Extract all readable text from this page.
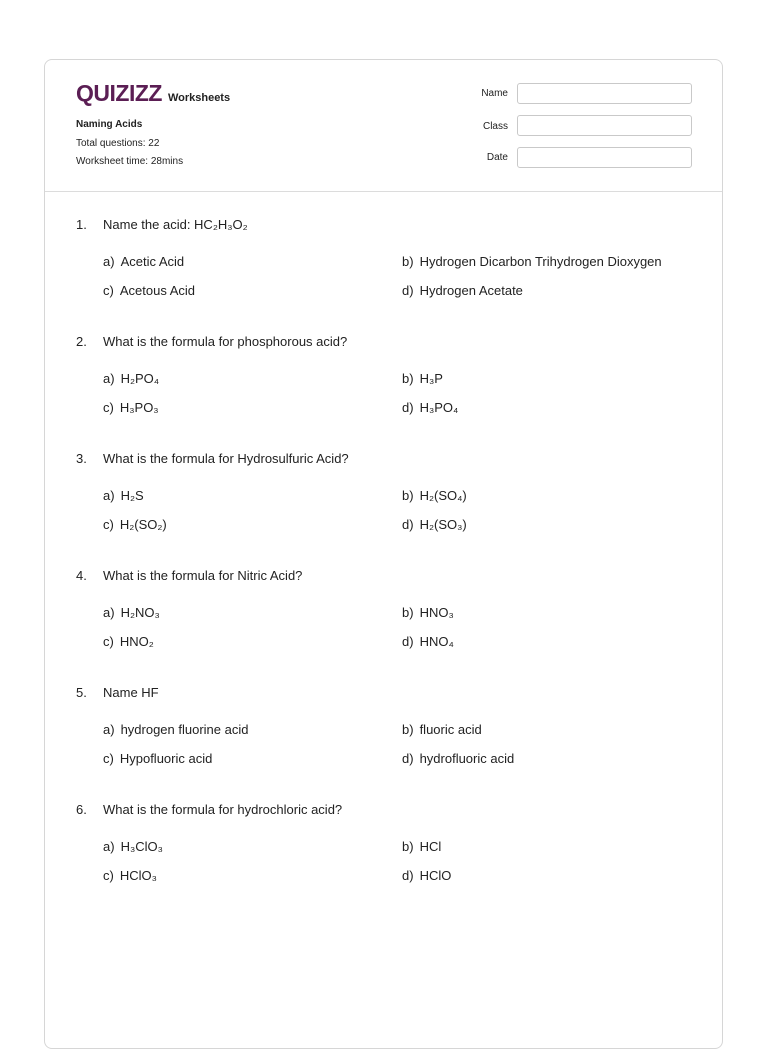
QUIZIZZ Worksheets
Naming Acids
Total questions: 22
Worksheet time: 28mins
Name
Class
Date
1. Name the acid: HC₂H₃O₂
a) Acetic Acid	b) Hydrogen Dicarbon Trihydrogen Dioxygen
c) Acetous Acid	d) Hydrogen Acetate
2. What is the formula for phosphorous acid?
a) H₂PO₄	b) H₃P
c) H₃PO₃	d) H₃PO₄
3. What is the formula for Hydrosulfuric Acid?
a) H₂S	b) H₂(SO₄)
c) H₂(SO₂)	d) H₂(SO₃)
4. What is the formula for Nitric Acid?
a) H₂NO₃	b) HNO₃
c) HNO₂	d) HNO₄
5. Name HF
a) hydrogen fluorine acid	b) fluoric acid
c) Hypofluoric acid	d) hydrofluoric acid
6. What is the formula for hydrochloric acid?
a) H₃ClO₃	b) HCl
c) HClO₃	d) HClO
